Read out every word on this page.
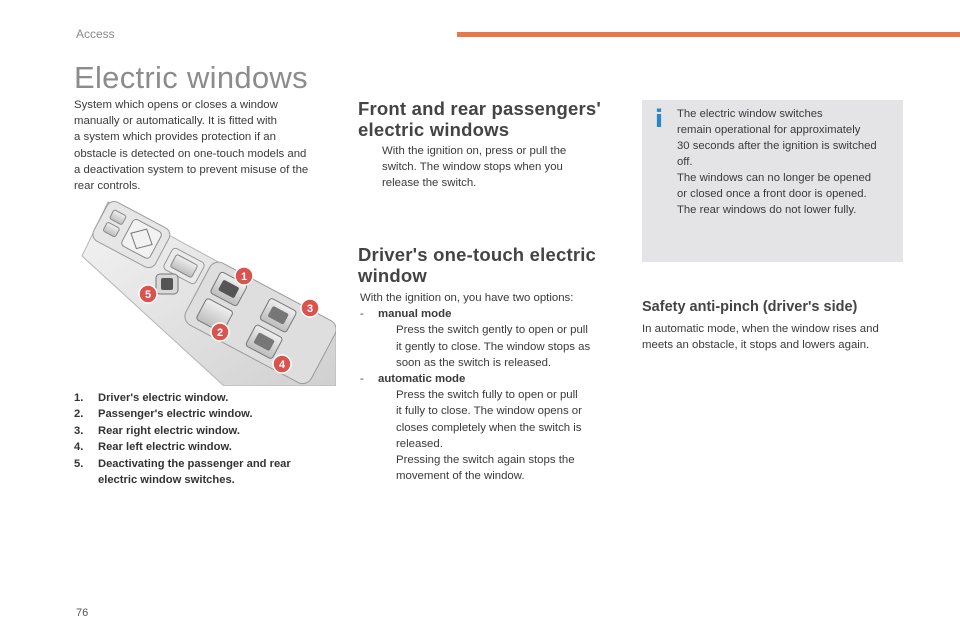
Access
Electric windows

System which opens or closes a window
manually or automatically. It is fitted with
a system which provides protection if an
obstacle is detected on one-touch models and
a deactivation system to prevent misuse of the
rear controls.

1
2
3
4
5
1.	Driver's electric window.
2.	Passenger's electric window.
3.	Rear right electric window.
4.	Rear left electric window.
5.	Deactivating the passenger and rear
electric window switches.
Front and rear passengers'
electric windows
With the ignition on, press or pull the
switch. The window stops when you
release the switch.
Driver's one-touch electric
window
With the ignition on, you have two options:
-	manual mode
Press the switch gently to open or pull
it gently to close. The window stops as
soon as the switch is released.
-	automatic mode
Press the switch fully to open or pull
it fully to close. The window opens or
closes completely when the switch is
released.
Pressing the switch again stops the
movement of the window.
i The electric window switches
remain operational for approximately
30 seconds after the ignition is switched
off.
The windows can no longer be opened
or closed once a front door is opened.
The rear windows do not lower fully.

Safety anti-pinch (driver's side)

In automatic mode, when the window rises and
meets an obstacle, it stops and lowers again.

76
